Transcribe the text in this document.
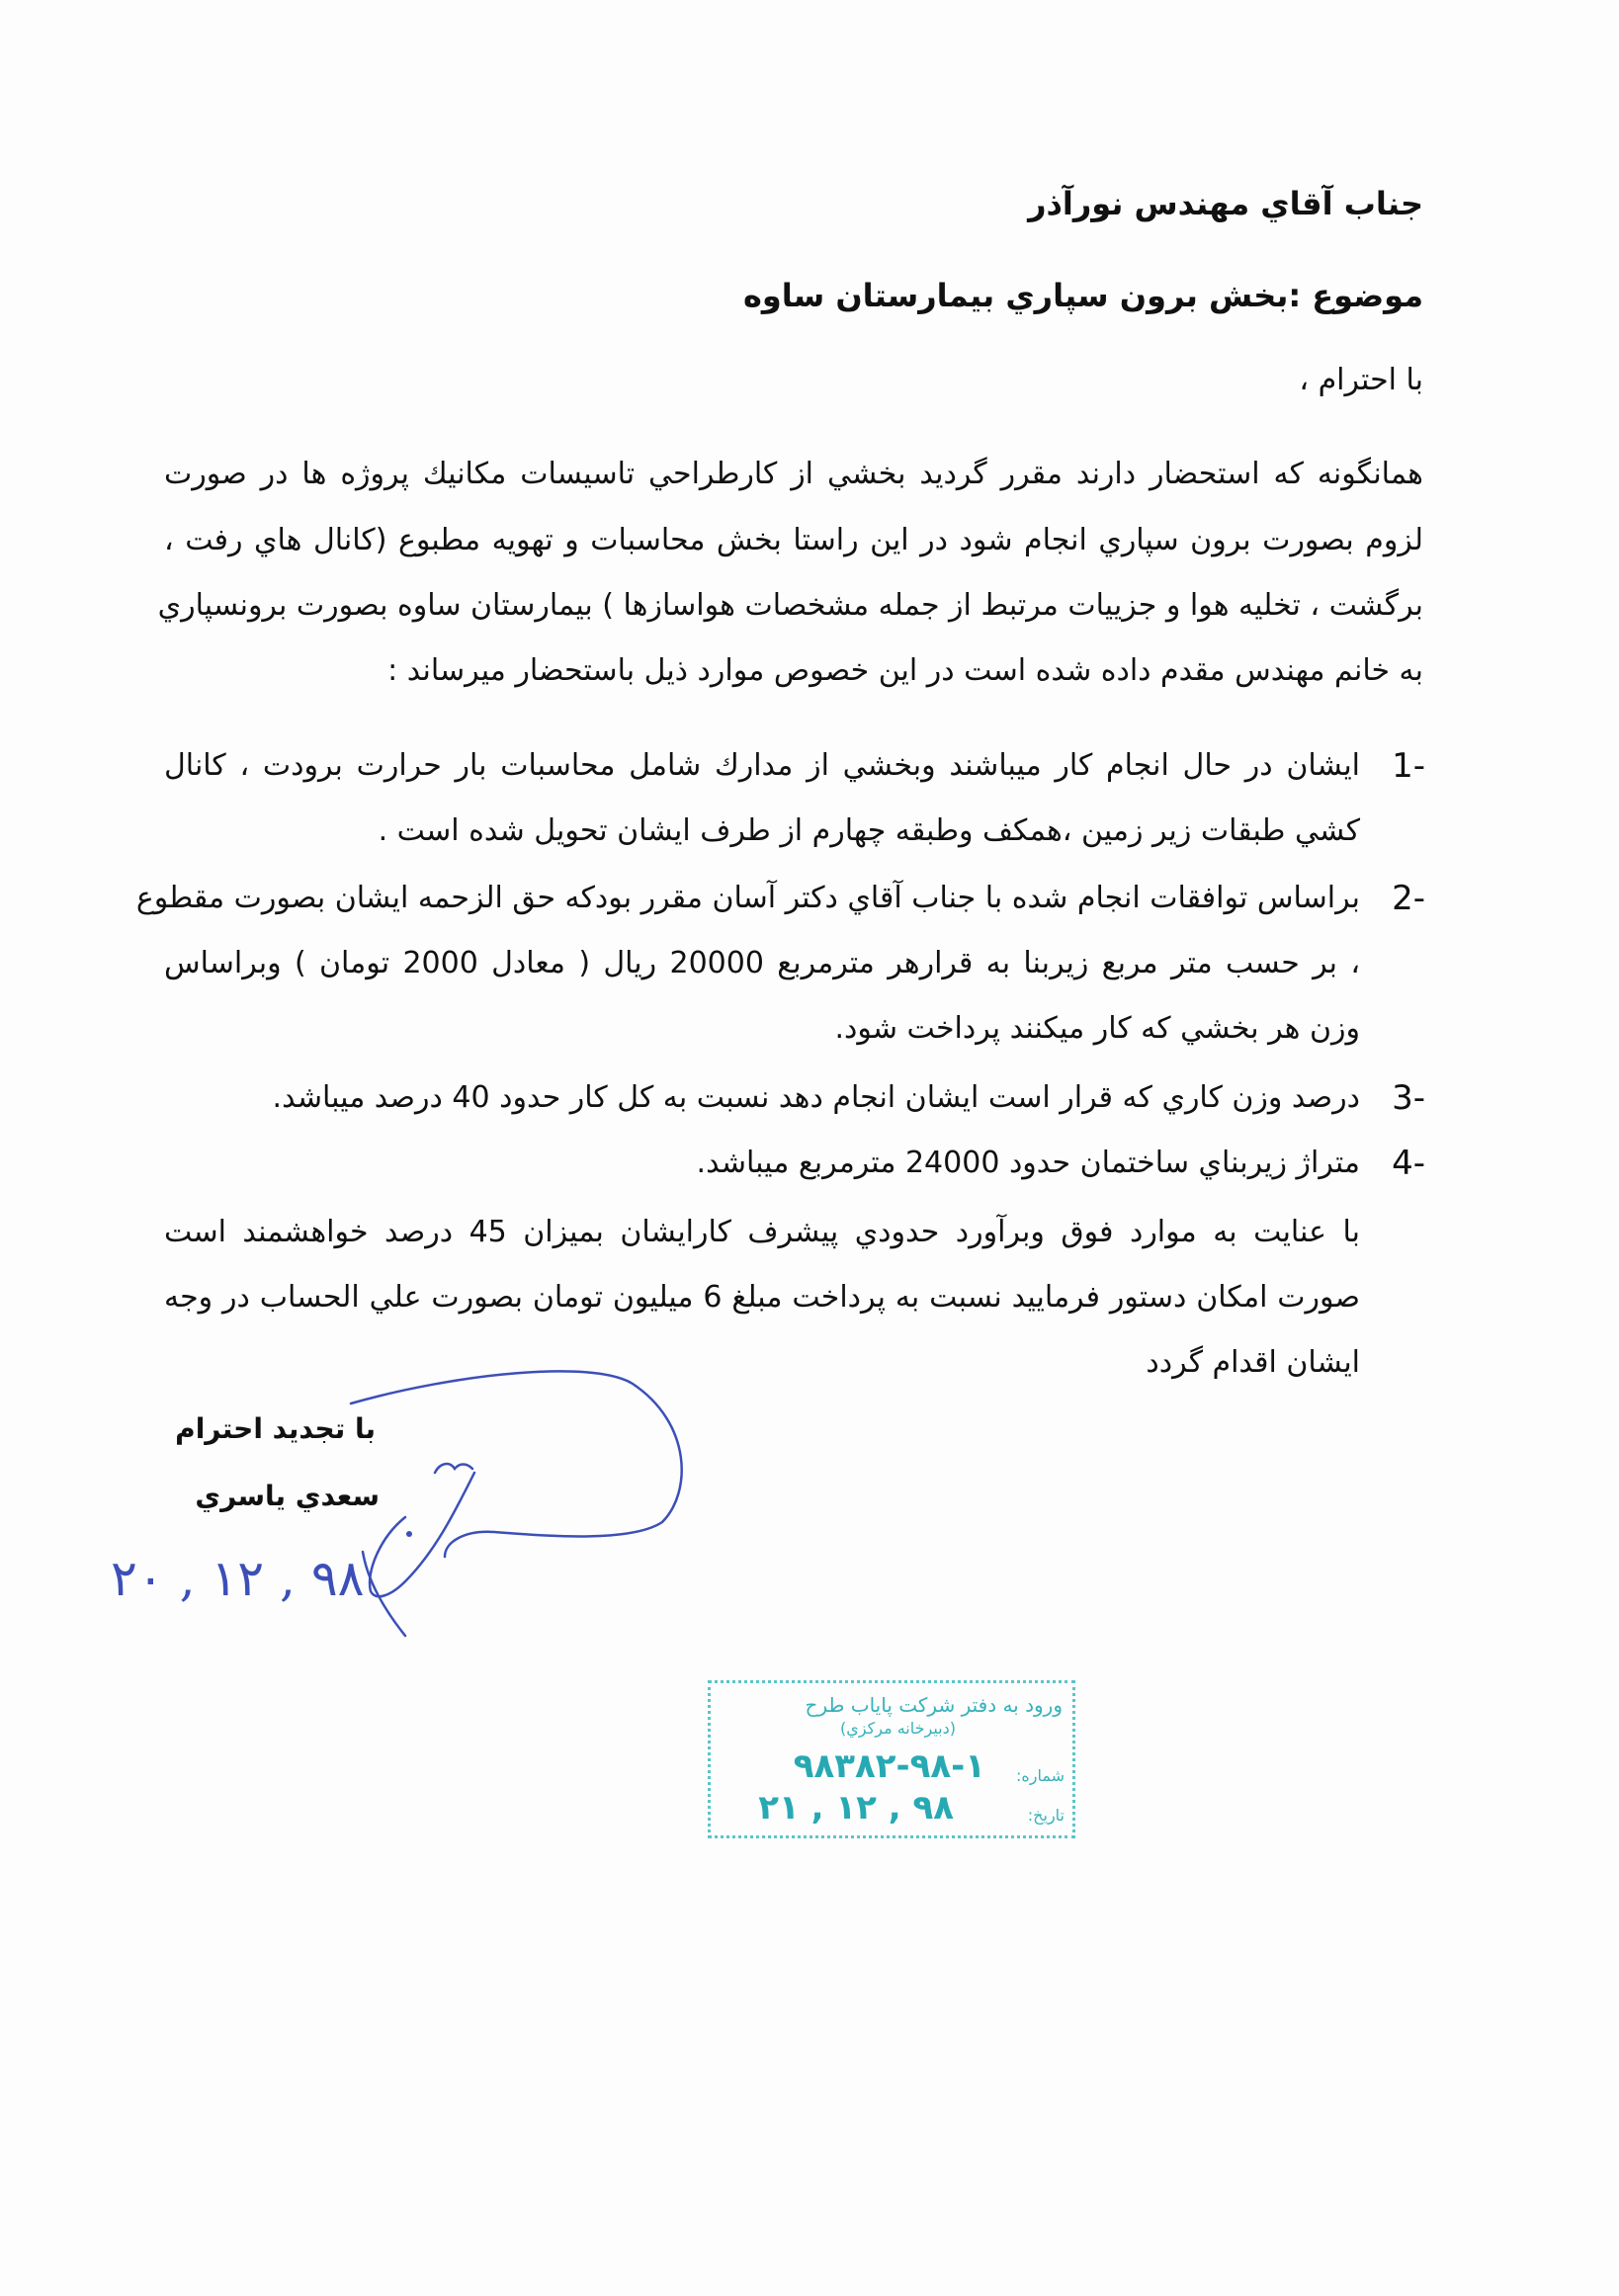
جناب آقاي مهندس نورآذر
موضوع :بخش برون سپاري بيمارستان ساوه
با احترام ،
همانگونه كه استحضار دارند مقرر گرديد بخشي از كارطراحي تاسيسات مكانيك پروژه ها در صورت
لزوم بصورت برون سپاري انجام شود در اين راستا بخش محاسبات و تهويه مطبوع (كانال هاي رفت ،
برگشت ، تخليه هوا و جزييات مرتبط از جمله مشخصات هواسازها ) بيمارستان ساوه بصورت برونسپاري
به خانم مهندس مقدم داده شده است در اين خصوص موارد ذيل باستحضار ميرساند :
-1
ايشان در حال انجام كار ميباشند وبخشي از مدارك شامل محاسبات بار حرارت برودت ، كانال
كشي طبقات زير زمين ،همكف وطبقه چهارم از طرف ايشان تحويل شده است .
-2
براساس توافقات انجام شده با جناب آقاي دكتر آسان مقرر بودكه حق الزحمه ايشان بصورت مقطوع
، بر حسب متر مربع زيربنا به قرارهر مترمربع 20000 ريال ( معادل 2000 تومان ) وبراساس
وزن هر بخشي كه كار ميكنند پرداخت شود.
-3
درصد وزن كاري كه قرار است ايشان انجام دهد نسبت به كل كار حدود 40 درصد ميباشد.
-4
متراژ زيربناي ساختمان حدود 24000 مترمربع ميباشد.
با عنايت به موارد فوق وبرآورد حدودي پيشرف كارايشان بميزان 45 درصد خواهشمند است
صورت امكان دستور فرماييد نسبت به پرداخت مبلغ 6 ميليون تومان بصورت علي الحساب در وجه
ايشان اقدام گردد
با تجديد احترام
سعدي ياسري
٩٨ , ١٢ , ٢٠
ورود به دفتر شركت پاياب طرح
(دبيرخانه مركزي)
شماره:
١-٩٨-٩٨٣٨٢
تاريخ:
٩٨ , ١٢ , ٢١
